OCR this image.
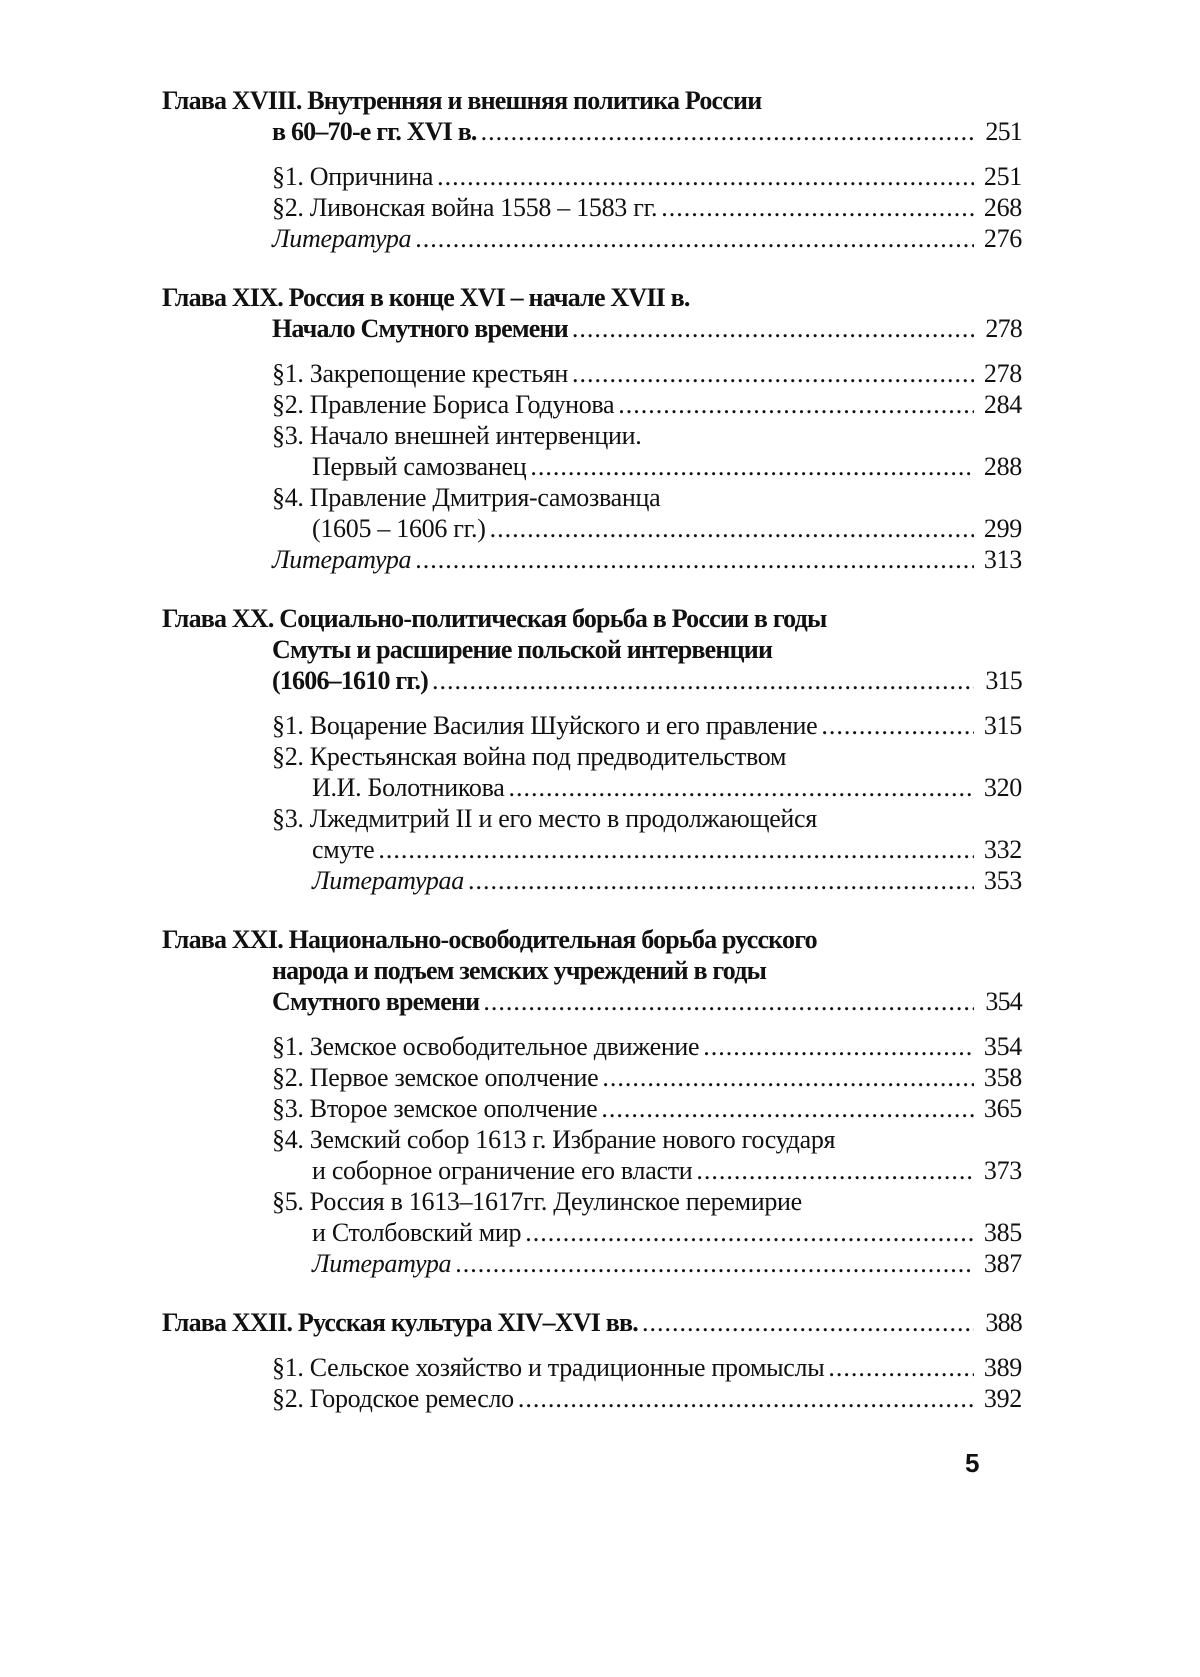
Глава XVIII. Внутренняя и внешняя политика России
в 60–70-е гг. XVI в. .....	251
§1. Опричнина .....	251
§2. Ливонская война 1558 – 1583 гг. .....	268
Литература .....	276
Глава XIX. Россия в конце XVI – начале XVII в.
Начало Смутного времени .....	278
§1. Закрепощение крестьян .....	278
§2. Правление Бориса Годунова .....	284
§3. Начало внешней интервенции.
Первый самозванец .....	288
§4. Правление Дмитрия-самозванца
(1605 – 1606 гг.) .....	299
Литература .....	313
Глава XX. Социально-политическая борьба в России в годы
Смуты и расширение польской интервенции
(1606–1610 гг.) .....	315
§1. Воцарение Василия Шуйского и его правление .....	315
§2. Крестьянская война под предводительством
И.И. Болотникова .....	320
§3. Лжедмитрий II и его место в продолжающейся
смуте .....	332
Литератураа .....	353
Глава XXI. Национально-освободительная борьба русского
народа и подъем земских учреждений в годы
Смутного времени .....	354
§1. Земское освободительное движение .....	354
§2. Первое земское ополчение .....	358
§3. Второе земское ополчение .....	365
§4. Земский собор 1613 г. Избрание нового государя
и соборное ограничение его власти .....	373
§5. Россия в 1613–1617гг. Деулинское перемирие
и Столбовский мир .....	385
Литература .....	387
Глава XXII. Русская культура XIV–XVI вв. .....	388
§1. Сельское хозяйство и традиционные промыслы .....	389
§2. Городское ремесло .....	392
5
